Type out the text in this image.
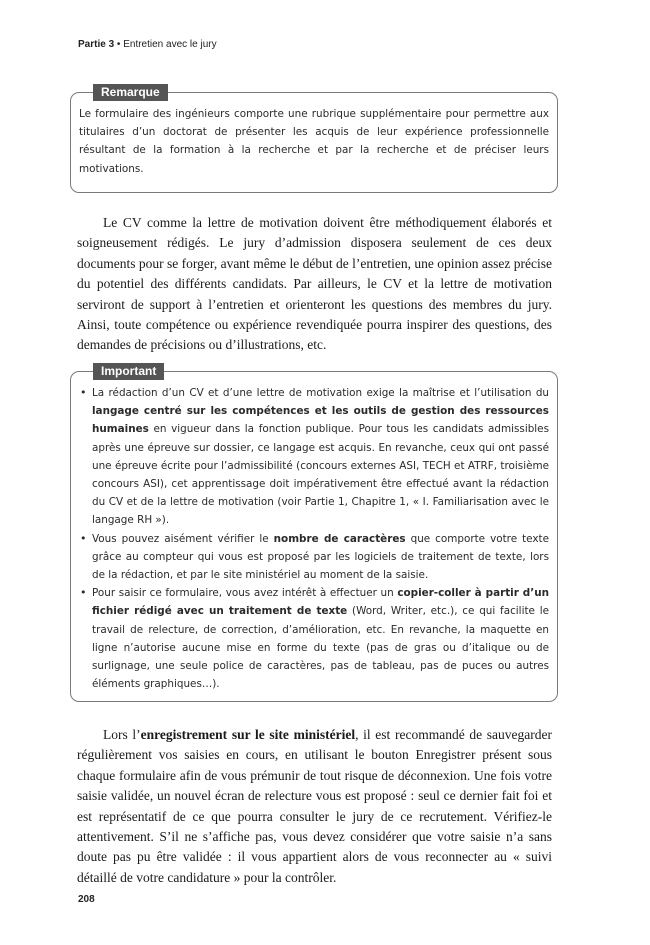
Partie 3 • Entretien avec le jury
Remarque
Le formulaire des ingénieurs comporte une rubrique supplémentaire pour permettre aux titulaires d’un doctorat de présenter les acquis de leur expérience professionnelle résultant de la formation à la recherche et par la recherche et de préciser leurs motivations.

Le CV comme la lettre de motivation doivent être méthodiquement élaborés et soigneusement rédigés. Le jury d’admission disposera seulement de ces deux documents pour se forger, avant même le début de l’entretien, une opinion assez précise du potentiel des différents candidats. Par ailleurs, le CV et la lettre de motivation serviront de support à l’entretien et orienteront les questions des membres du jury. Ainsi, toute compétence ou expérience revendiquée pourra inspirer des questions, des demandes de précisions ou d’illustrations, etc.

Important
• La rédaction d’un CV et d’une lettre de motivation exige la maîtrise et l’utilisation du langage centré sur les compétences et les outils de gestion des ressources humaines en vigueur dans la fonction publique. Pour tous les candidats admissibles après une épreuve sur dossier, ce langage est acquis. En revanche, ceux qui ont passé une épreuve écrite pour l’admissibilité (concours externes ASI, TECH et ATRF, troisième concours ASI), cet apprentissage doit impérativement être effectué avant la rédaction du CV et de la lettre de motivation (voir Partie 1, Chapitre 1, « I. Familiarisation avec le langage RH »).
• Vous pouvez aisément vérifier le nombre de caractères que comporte votre texte grâce au compteur qui vous est proposé par les logiciels de traitement de texte, lors de la rédaction, et par le site ministériel au moment de la saisie.
• Pour saisir ce formulaire, vous avez intérêt à effectuer un copier-coller à partir d’un fichier rédigé avec un traitement de texte (Word, Writer, etc.), ce qui facilite le travail de relecture, de correction, d’amélioration, etc. En revanche, la maquette en ligne n’autorise aucune mise en forme du texte (pas de gras ou d’italique ou de surlignage, une seule police de caractères, pas de tableau, pas de puces ou autres éléments graphiques…).

Lors l’enregistrement sur le site ministériel, il est recommandé de sauvegarder régulièrement vos saisies en cours, en utilisant le bouton Enregistrer présent sous chaque formulaire afin de vous prémunir de tout risque de déconnexion. Une fois votre saisie validée, un nouvel écran de relecture vous est proposé : seul ce dernier fait foi et est représentatif de ce que pourra consulter le jury de ce recrutement. Vérifiez-le attentivement. S’il ne s’affiche pas, vous devez considérer que votre saisie n’a sans doute pas pu être validée : il vous appartient alors de vous reconnecter au « suivi détaillé de votre candidature » pour la contrôler.

208
